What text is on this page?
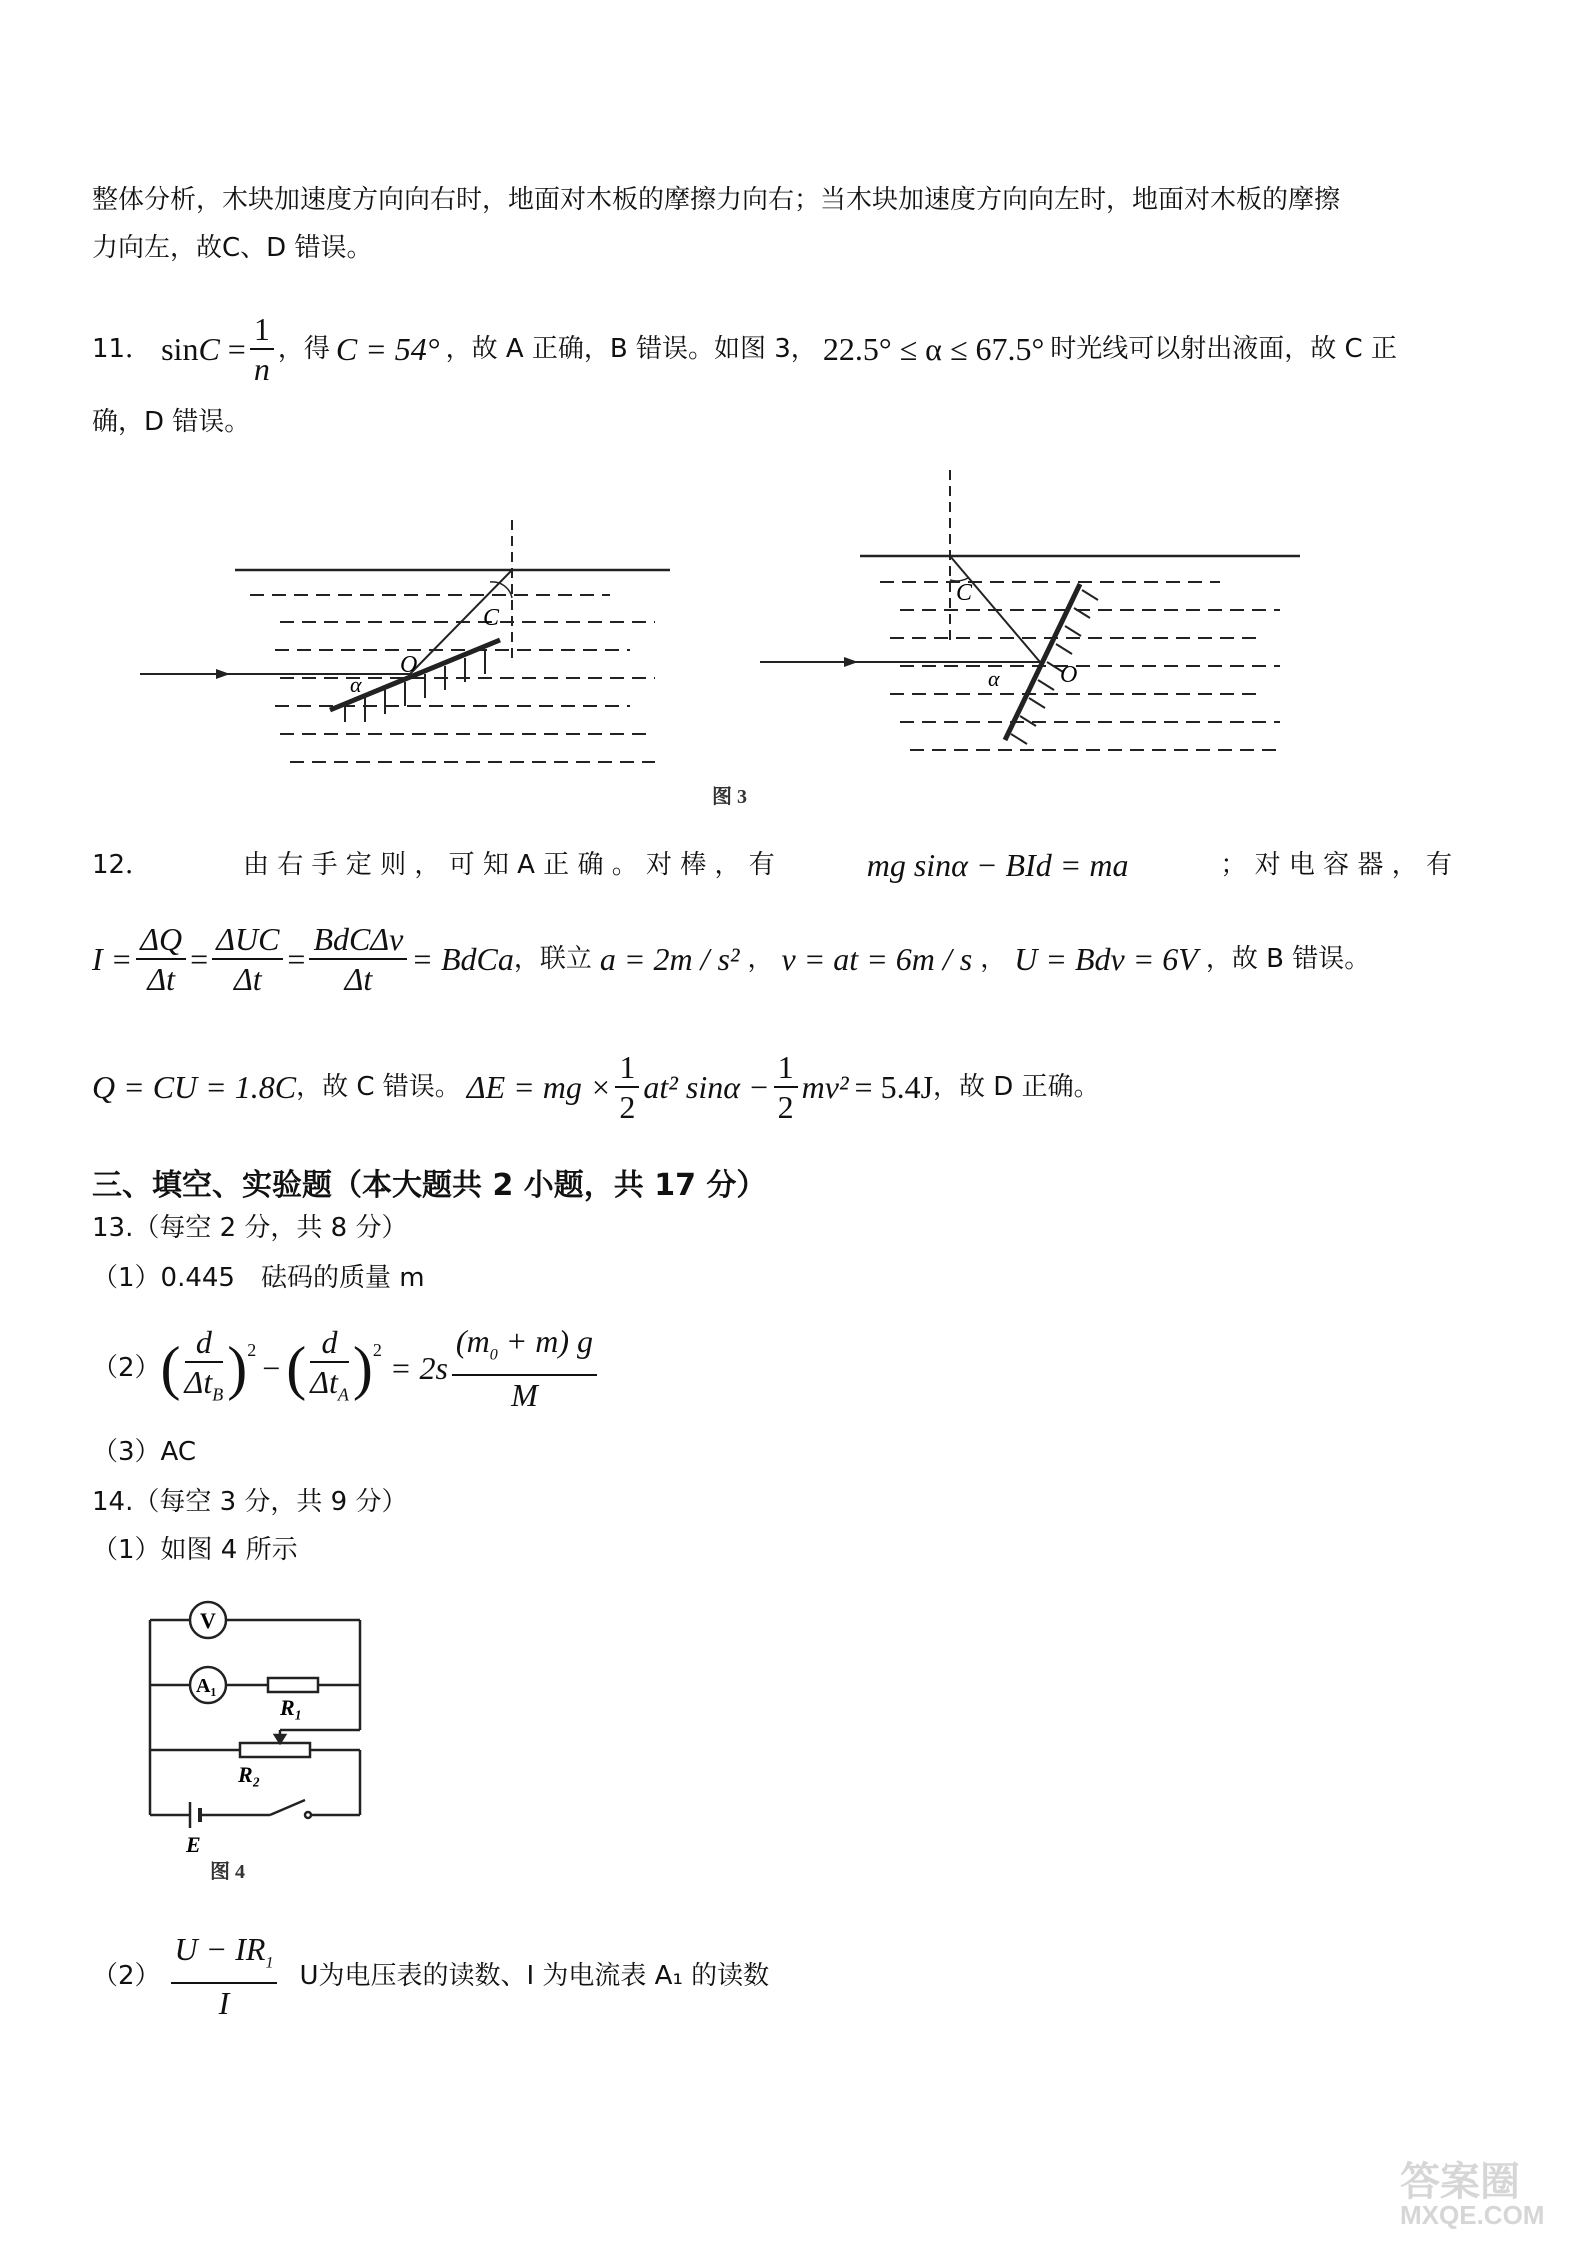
整体分析，木块加速度方向向右时，地面对木板的摩擦力向右；当木块加速度方向向左时，地面对木板的摩擦
力向左，故C、D 错误。
11． $\sin C = \frac{1}{n}$ ，得 C = 54° ，故 A 正确，B 错误。如图 3， 22.5° ≤ α ≤ 67.5° 时光线可以射出液面，故 C 正
确，D 错误。
C
O
α
C
O
α
图 3
12．	由 右 手 定 则 ， 可 知 A 正 确 。 对 棒 ， 有	mg sinα − BId = ma	； 对 电 容 器 ， 有
$I = \frac{\Delta Q}{\Delta t} = \frac{\text{ΔUC}}{\Delta t} = \frac{\text{BdCΔv}}{\Delta t}$ = BdCa ，联立 a = 2m / s² ， v = at = 6m / s ， U = Bdv = 6V ，故 B 错误。
Q = CU = 1.8C ，故 C 错误。 ΔE = mg × $\frac{1}{2} at^2$ $\sin\alpha - \frac{1}{2} mv^2 = 5.4J$ ，故 D 正确。
三、填空、实验题（本大题共 2 小题，共 17 分）
13.（每空 2 分，共 8 分）
（1）0.445　砝码的质量 m
（2） ( $\frac{d}{\Delta t_B} )^2$
− ( $\frac{d}{\Delta t_A} )^2$
= $2s \frac{(m_0 + m) g}{M}$
（3）AC
14.（每空 3 分，共 9 分）
（1）如图 4 所示
V
A₁
R₁
R₂
E
图 4
$(2) \frac{U - IR_1}{I}$ U为电压表的读数、I 为电流表 A₁ 的读数
答案圈
MXQE.COM
